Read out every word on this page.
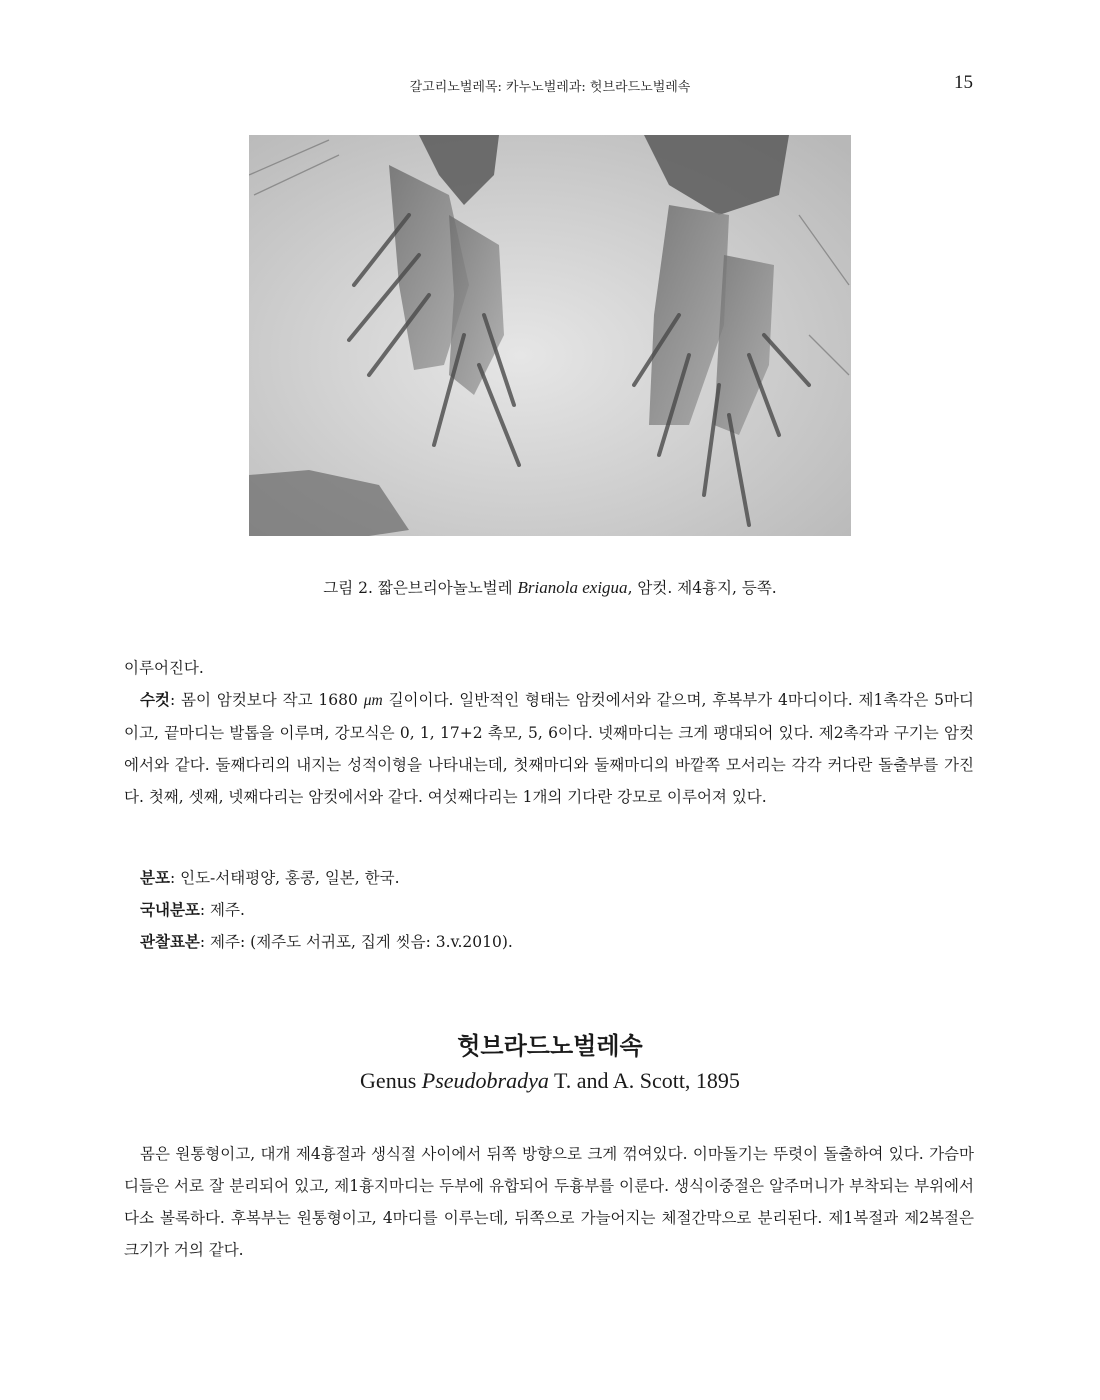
갈고리노벌레목: 카누노벌레과: 헛브라드노벌레속	15
그림 2. 짧은브리아놀노벌레 Brianola exigua, 암컷. 제4흉지, 등쪽.

이루어진다.

수컷: 몸이 암컷보다 작고 1680 μm 길이이다. 일반적인 형태는 암컷에서와 같으며, 후복부가 4마디이다. 제1촉각은 5마디이고, 끝마디는 발톱을 이루며, 강모식은 0, 1, 17+2 촉모, 5, 6이다. 넷째마디는 크게 팽대되어 있다. 제2촉각과 구기는 암컷에서와 같다. 둘째다리의 내지는 성적이형을 나타내는데, 첫째마디와 둘째마디의 바깥쪽 모서리는 각각 커다란 돌출부를 가진다. 첫째, 셋째, 넷째다리는 암컷에서와 같다. 여섯째다리는 1개의 기다란 강모로 이루어져 있다.

분포: 인도-서태평양, 홍콩, 일본, 한국.
국내분포: 제주.
관찰표본: 제주: (제주도 서귀포, 집게 씻음: 3.v.2010).
헛브라드노벌레속
Genus Pseudobradya T. and A. Scott, 1895

몸은 원통형이고, 대개 제4흉절과 생식절 사이에서 뒤쪽 방향으로 크게 꺾여있다. 이마돌기는 뚜렷이 돌출하여 있다. 가슴마디들은 서로 잘 분리되어 있고, 제1흉지마디는 두부에 유합되어 두흉부를 이룬다. 생식이중절은 알주머니가 부착되는 부위에서 다소 볼록하다. 후복부는 원통형이고, 4마디를 이루는데, 뒤쪽으로 가늘어지는 체절간막으로 분리된다. 제1복절과 제2복절은 크기가 거의 같다.
